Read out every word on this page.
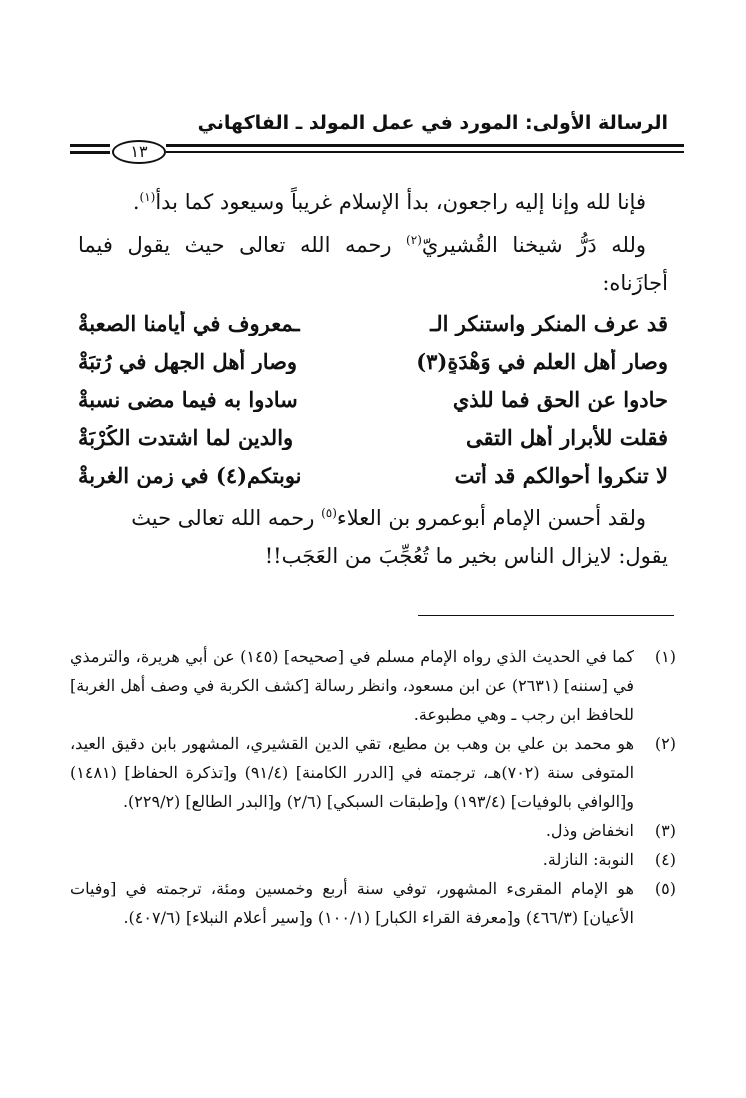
الرسالة الأولى: المورد في عمل المولد ـ الفاكهاني
١٣

فإنا لله وإنا إليه راجعون، بدأ الإسلام غريباً وسيعود كما بدأ$^{(١)}$.

ولله دَرُّ شيخنا القُشيريّ$^{(٢)}$ رحمه الله تعالى حيث يقول فيما أجازَناه:

قد عرف المنكر واستنكر الـ
ـمعروف في أيامنا الصعبةْ
وصار أهل العلم في وَهْدَةٍ(٣)
وصار أهل الجهل في رُتبَةْ
حادوا عن الحق فما للذي
سادوا به فيما مضى نسبةْ
فقلت للأبرار أهل التقى
والدين لما اشتدت الكُرْبَةْ
لا تنكروا أحوالكم قد أتت
نوبتكم(٤) في زمن الغربةْ

ولقد أحسن الإمام أبوعمرو بن العلاء$^{(٥)}$ رحمه الله تعالى حيث يقول: لايزال الناس بخير ما تُعُجِّبَ من العَجَب!!

(١)
كما في الحديث الذي رواه الإمام مسلم في [صحيحه] (١٤٥) عن أبي هريرة، والترمذي في [سننه] (٢٦٣١) عن ابن مسعود، وانظر رسالة [كشف الكربة في وصف أهل الغربة] للحافظ ابن رجب ـ وهي مطبوعة.
(٢)
هو محمد بن علي بن وهب بن مطيع، تقي الدين القشيري، المشهور بابن دقيق العيد، المتوفى سنة (٧٠٢)هـ، ترجمته في [الدرر الكامنة] (٩١/٤) و[تذكرة الحفاظ] (١٤٨١) و[الوافي بالوفيات] (١٩٣/٤) و[طبقات السبكي] (٢/٦) و[البدر الطالع] (٢٢٩/٢).
(٣)
انخفاض وذل.
(٤)
النوبة: النازلة.
(٥)
هو الإمام المقرىء المشهور، توفي سنة أربع وخمسين ومئة، ترجمته في [وفيات الأعيان] (٤٦٦/٣) و[معرفة القراء الكبار] (١٠٠/١) و[سير أعلام النبلاء] (٤٠٧/٦).
